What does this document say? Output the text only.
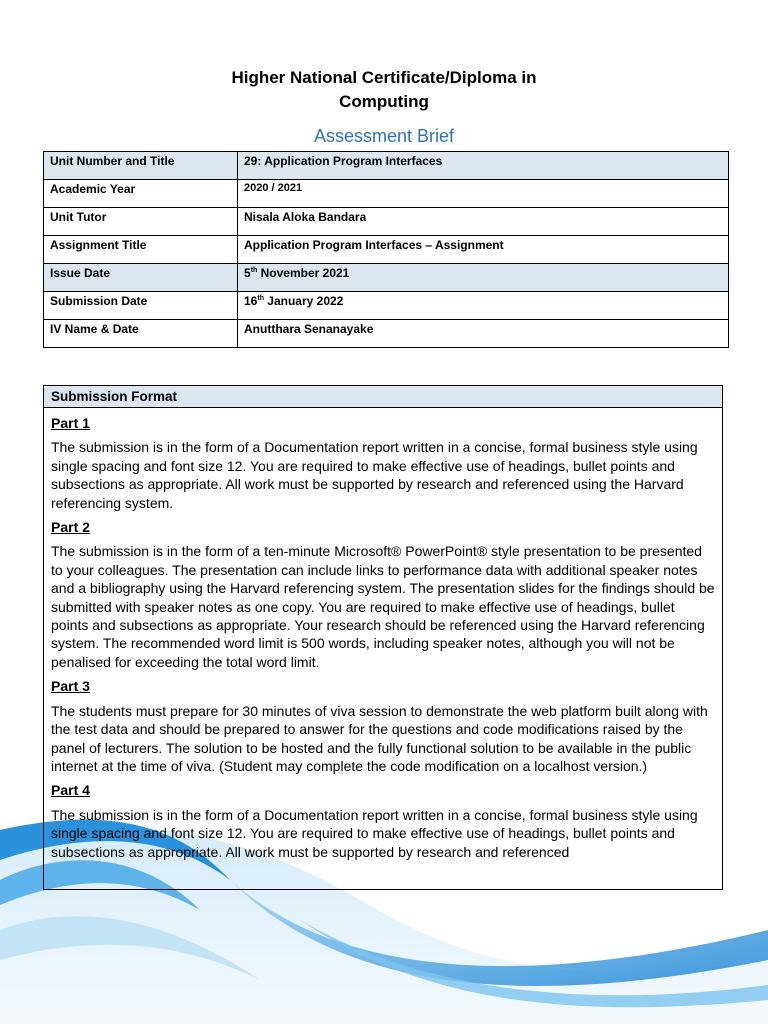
Higher National Certificate/Diploma in
Computing
Assessment Brief
Unit Number and Title	29: Application Program Interfaces
Academic Year	2020 / 2021
Unit Tutor	Nisala Aloka Bandara
Assignment Title	Application Program Interfaces – Assignment
Issue Date	5th November 2021
Submission Date	16th January 2022
IV Name & Date	Anutthara Senanayake
Submission Format
Part 1

The submission is in the form of a Documentation report written in a concise, formal business style using single spacing and font size 12. You are required to make effective use of headings, bullet points and subsections as appropriate. All work must be supported by research and referenced using the Harvard referencing system.

Part 2

The submission is in the form of a ten-minute Microsoft® PowerPoint® style presentation to be presented to your colleagues. The presentation can include links to performance data with additional speaker notes and a bibliography using the Harvard referencing system. The presentation slides for the findings should be submitted with speaker notes as one copy. You are required to make effective use of headings, bullet points and subsections as appropriate. Your research should be referenced using the Harvard referencing system. The recommended word limit is 500 words, including speaker notes, although you will not be penalised for exceeding the total word limit.

Part 3

The students must prepare for 30 minutes of viva session to demonstrate the web platform built along with the test data and should be prepared to answer for the questions and code modifications raised by the panel of lecturers. The solution to be hosted and the fully functional solution to be available in the public internet at the time of viva. (Student may complete the code modification on a localhost version.)

Part 4

The submission is in the form of a Documentation report written in a concise, formal business style using single spacing and font size 12. You are required to make effective use of headings, bullet points and subsections as appropriate. All work must be supported by research and referenced
